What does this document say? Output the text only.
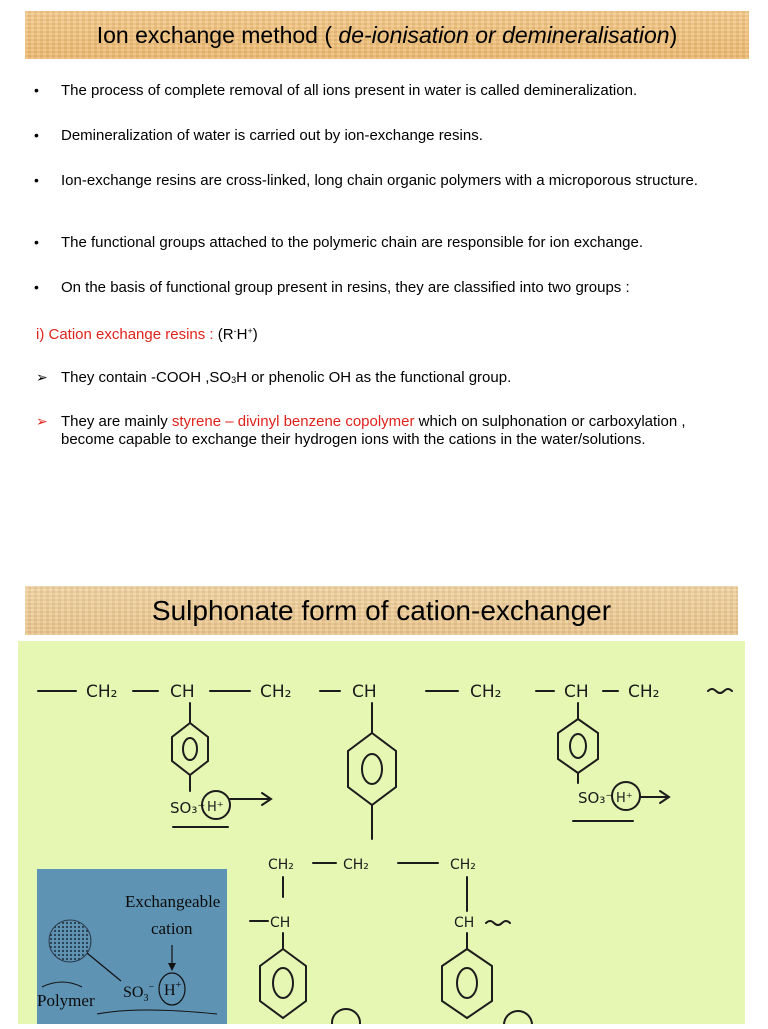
Ion exchange method ( de-ionisation or demineralisation)
• The process of complete removal of all ions present in water is called demineralization.
• Demineralization of water is carried out by ion-exchange resins.
• Ion-exchange resins are cross-linked, long chain organic polymers with a microporous structure.
• The functional groups attached to the polymeric chain are responsible for ion exchange.
• On the basis of functional group present in resins, they are classified into two groups :
i) Cation exchange resins : (R-H+)
➢ They contain -COOH $,SO_3H$ or phenolic OH as the functional group.
➢ They are mainly styrene – divinyl benzene copolymer which on sulphonation or carboxylation , become capable to exchange their hydrogen ions with the cations in the water/solutions.
Sulphonate form of cation-exchanger
CH₂	CH	CH₂	CH	CH₂	CH CH₂
SO₃⁻ H⁺
SO₃⁻ H⁺
CH₂	CH₂	CH₂
CH	CH
Exchangeable
cation
Polymer $SO_3^-$ H+
